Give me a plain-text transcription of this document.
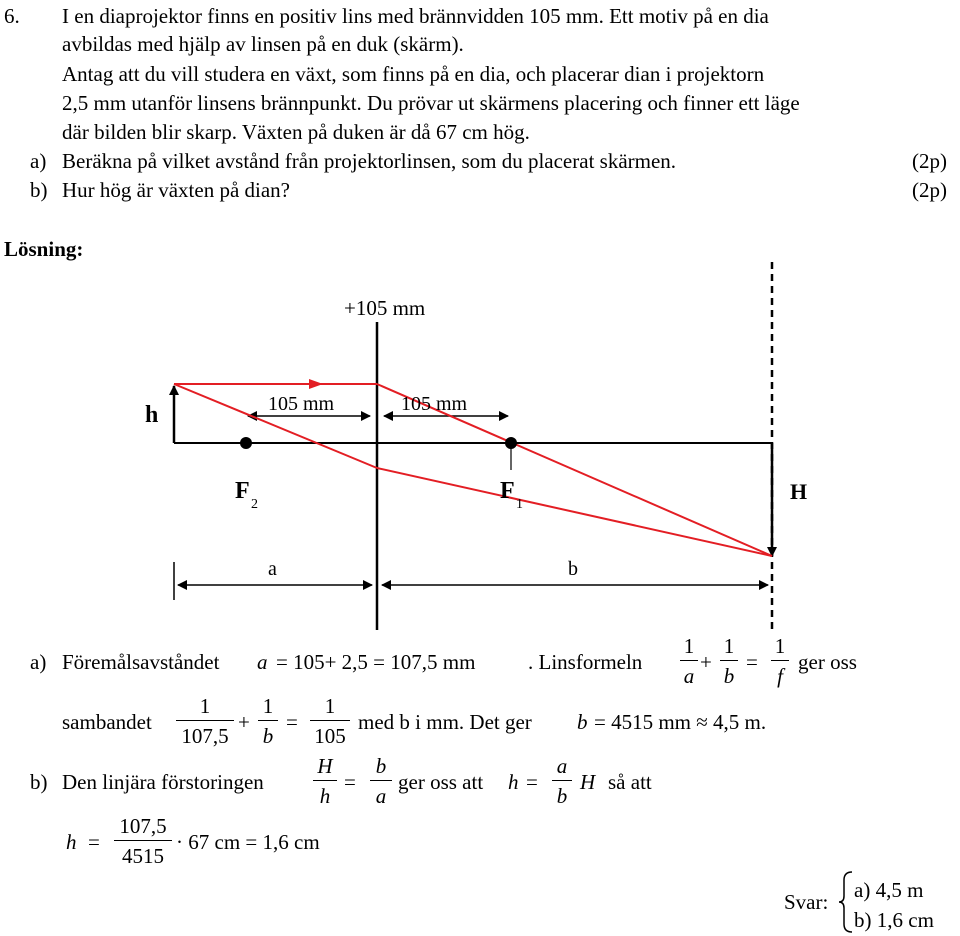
6. I en diaprojektor finns en positiv lins med brännvidden 105 mm. Ett motiv på en dia
avbildas med hjälp av linsen på en duk (skärm).
Antag att du vill studera en växt, som finns på en dia, och placerar dian i projektorn
2,5 mm utanför linsens brännpunkt. Du prövar ut skärmens placering och finner ett läge
där bilden blir skarp. Växten på duken är då 67 cm hög.
a) Beräkna på vilket avstånd från projektorlinsen, som du placerat skärmen.	(2p)
b) Hur hög är växten på dian?	(2p)
Lösning:
+105 mm
105 mm	105 mm
h
H
F
2
F
1
a	b
a) Föremålsavståndet a = 105+ 2,5 = 107,5 mm	. Linsformeln
1
a
+
1
b
=
1
f
ger oss
sambandet
1
107,5
+
1
b
=
1
105
med b i mm. Det ger b = 4515 mm ≈ 4,5 m.
b) Den linjära förstoringen
H
h
=
b
a
ger oss att h =
a
b
H så att
h =
107,5
4515
· 67 cm = 1,6 cm
Svar: a) 4,5 m
b) 1,6 cm
